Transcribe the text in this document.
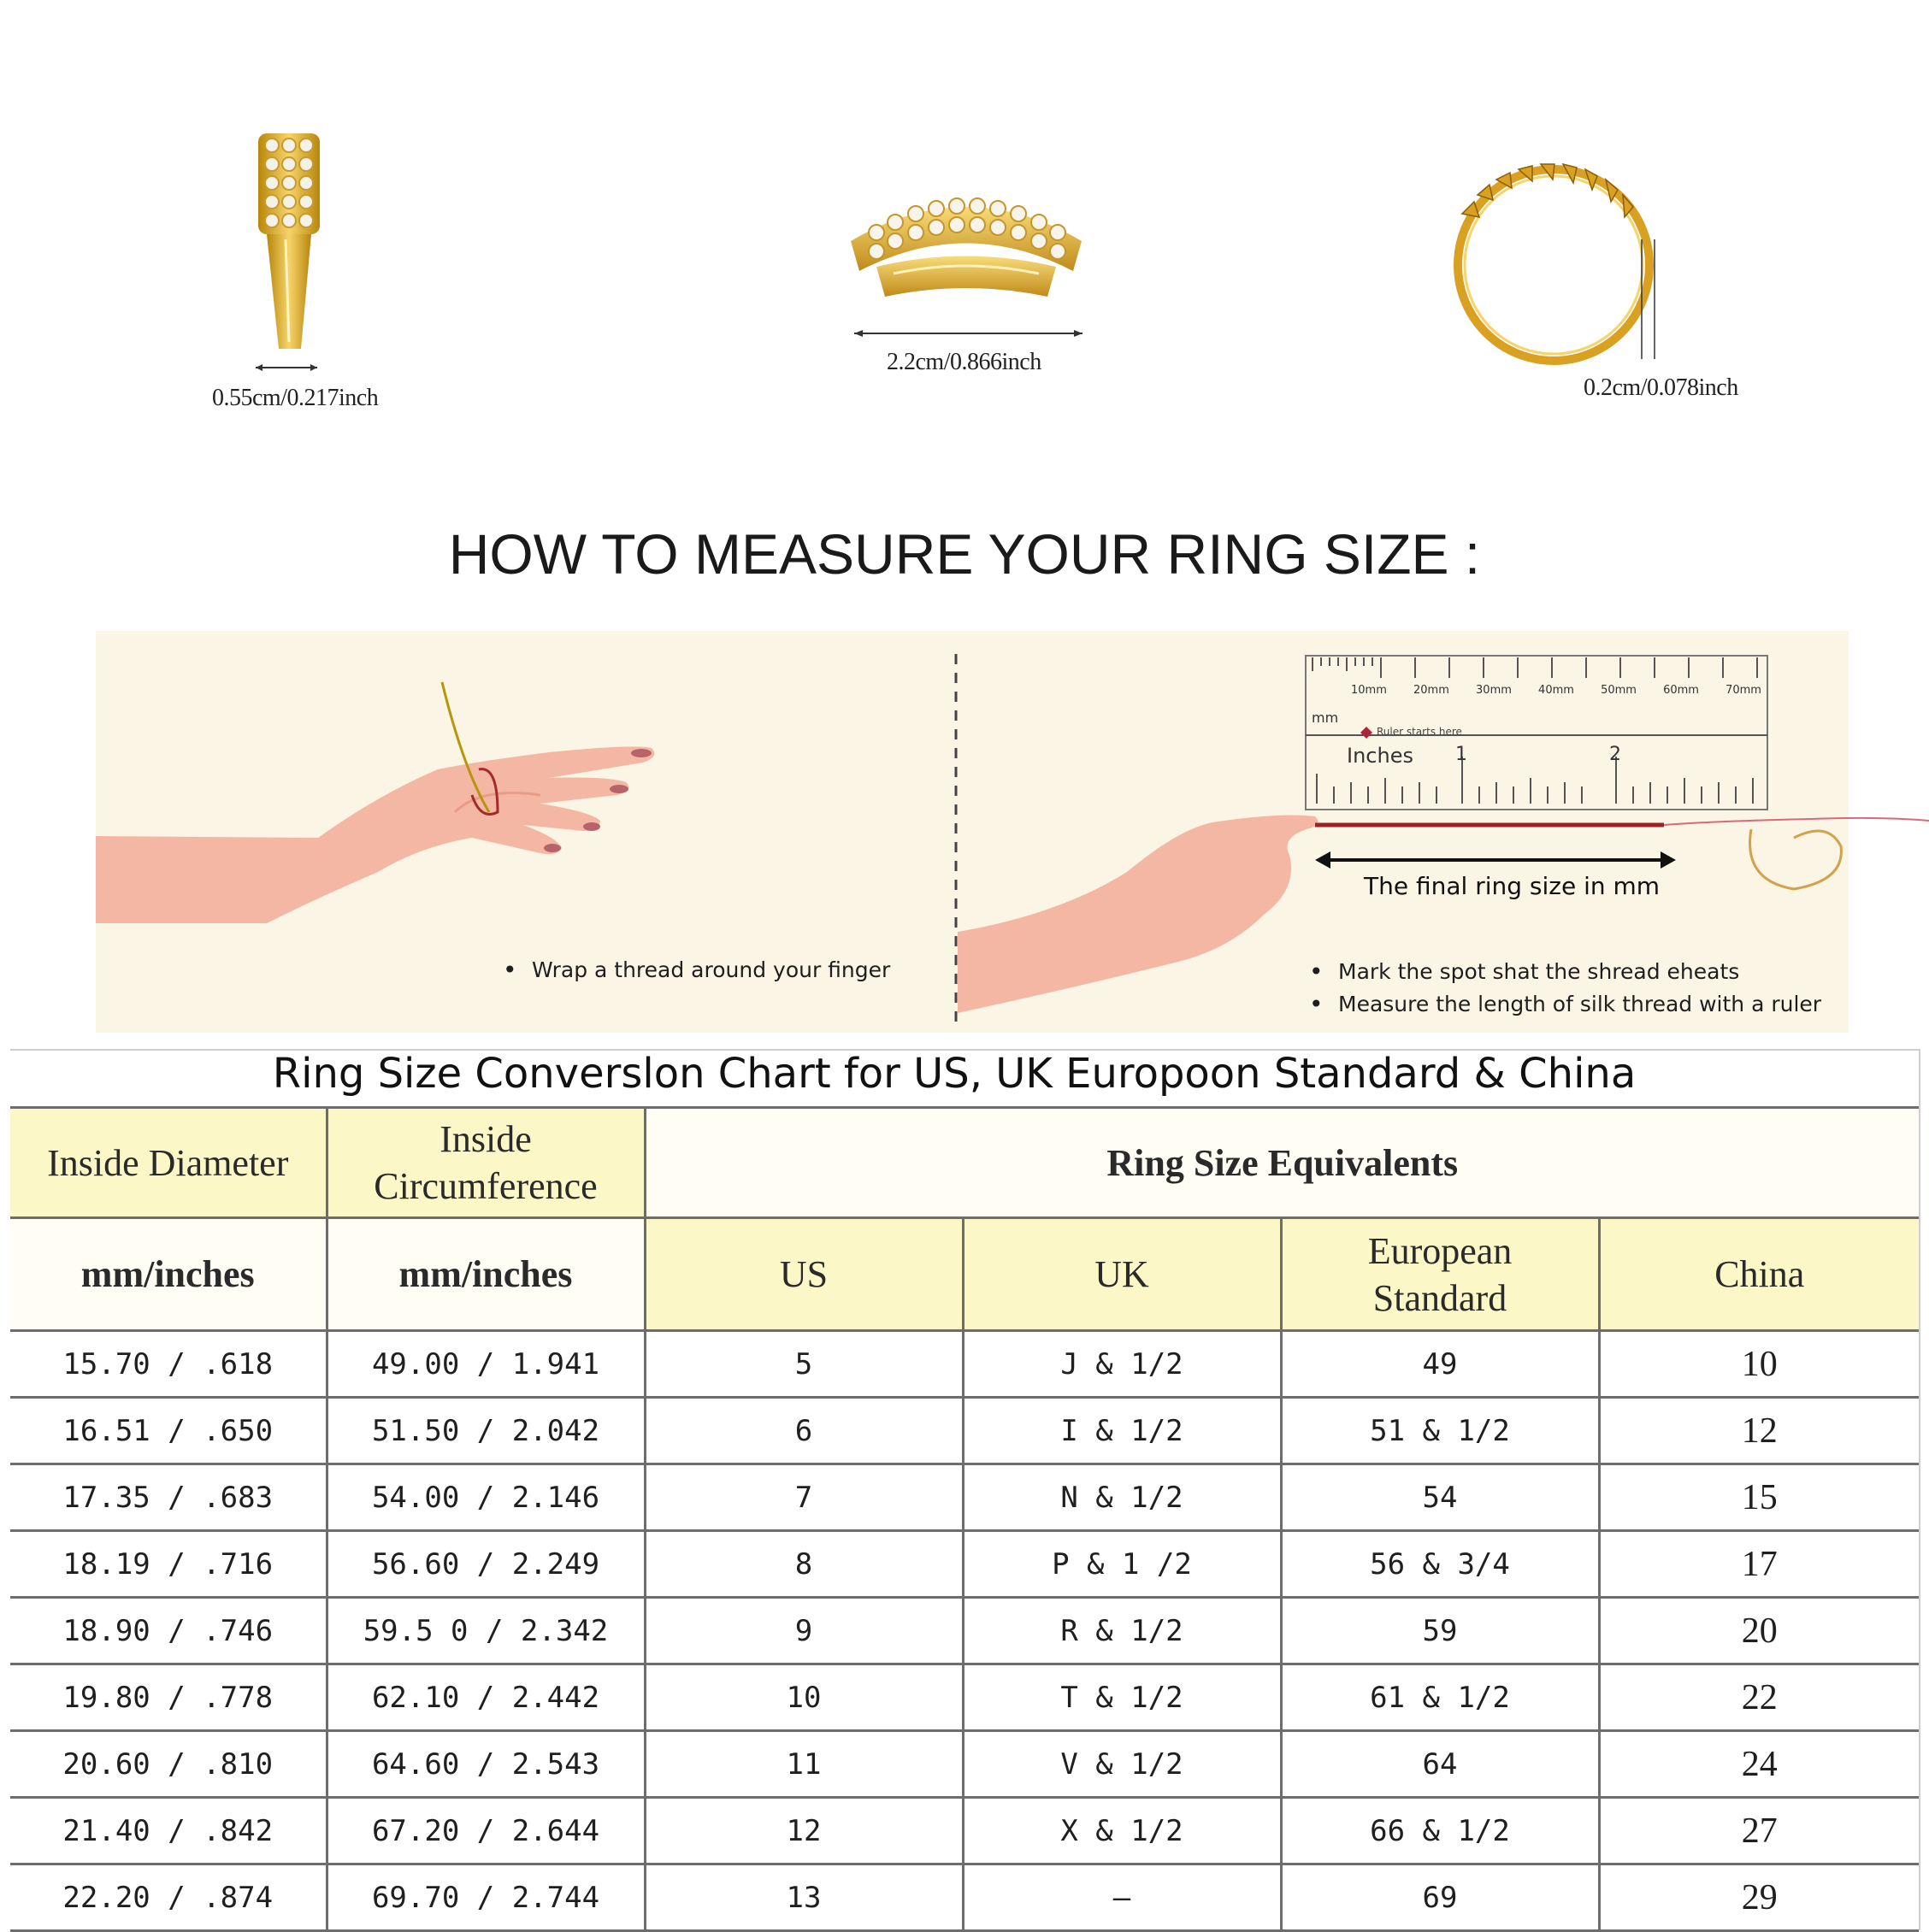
0.55cm/0.217inch
2.2cm/0.866inch
0.2cm/0.078inch
HOW TO MEASURE YOUR RING SIZE :
• Wrap a thread around your finger
10mm 20mm 30mm 40mm 50mm 60mm 70mm
mm
Ruler starts here
Inches 1	2
The final ring size in mm
• Mark the spot shat the shread eheats
• Measure the length of silk thread with a ruler
Ring Size Converslon Chart for US, UK Europoon Standard & China
Inside Diameter	Inside
Circumference	Ring Size Equivalents			
mm/inches	mm/inches	US	UK	European
Standard	China
15.70 / .618	49.00 / 1.941	5	J & 1/2	49	10
16.51 / .650	51.50 / 2.042	6	I & 1/2	51 & 1/2	12
17.35 / .683	54.00 / 2.146	7	N & 1/2	54	15
18.19 / .716	56.60 / 2.249	8	P & 1 /2	56 & 3/4	17
18.90 / .746	59.5 0 / 2.342	9	R & 1/2	59	20
19.80 / .778	62.10 / 2.442	10	T & 1/2	61 & 1/2	22
20.60 / .810	64.60 / 2.543	11	V & 1/2	64	24
21.40 / .842	67.20 / 2.644	12	X & 1/2	66 & 1/2	27
22.20 / .874	69.70 / 2.744	13	—	69	29
